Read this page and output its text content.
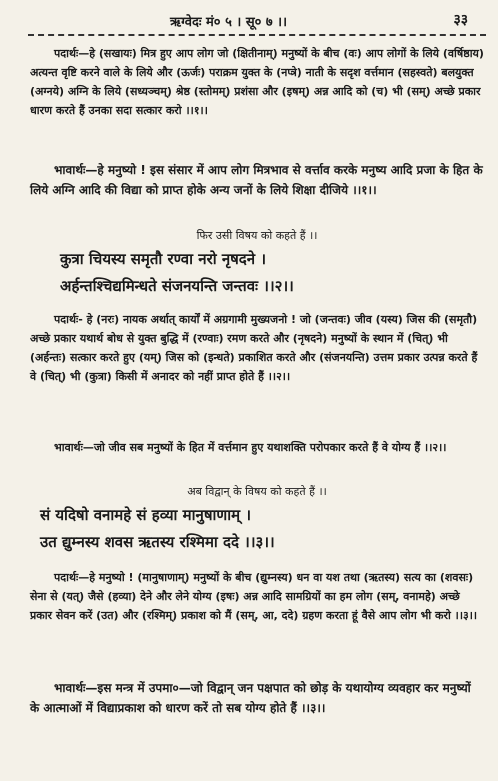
ऋग्वेदः मं० ५ । सू० ७ ।।	३३

पदार्थः—हे (सखायः) मित्र हुए आप लोग जो (क्षितीनाम्) मनुष्यों के बीच (वः) आप लोगों के लिये (वर्षिष्ठाय) अत्यन्त वृष्टि करने वाले के लिये और (ऊर्जः) पराक्रम युक्त के (नप्त्रे) नाती के सदृश वर्त्तमान (सहस्वते) बलयुक्त (अग्नये) अग्नि के लिये (सध्यञ्चम्) श्रेष्ठ (स्तोमम्) प्रशंसा और (इषम्) अन्न आदि को (च) भी (सम्) अच्छे प्रकार धारण करते हैं उनका सदा सत्कार करो ।।१।।

भावार्थः—हे मनुष्यो ! इस संसार में आप लोग मित्रभाव से वर्त्ताव करके मनुष्य आदि प्रजा के हित के लिये अग्नि आदि की विद्या को प्राप्त होके अन्य जनों के लिये शिक्षा दीजिये ।।१।।

फिर उसी विषय को कहते हैं ।।

कुत्रा चियस्य समृतौ रण्वा नरो नृषदने ।

अर्हन्तश्चिद्यमिन्धते संजनयन्ति जन्तवः ।।२।।

पदार्थः- हे (नरः) नायक अर्थात् कार्यों में अग्रगामी मुख्यजनो ! जो (जन्तवः) जीव (यस्य) जिस की (समृतौ) अच्छे प्रकार यथार्थ बोध से युक्त बुद्धि में (रण्वाः) रमण करते और (नृषदने) मनुष्यों के स्थान में (चित्) भी (अर्हन्तः) सत्कार करते हुए (यम्) जिस को (इन्धते) प्रकाशित करते और (संजनयन्ति) उत्तम प्रकार उत्पन्न करते हैं वे (चित्) भी (कुत्रा) किसी में अनादर को नहीं प्राप्त होते हैं ।।२।।

भावार्थः—जो जीव सब मनुष्यों के हित में वर्त्तमान हुए यथाशक्ति परोपकार करते हैं वे योग्य हैं ।।२।।

अब विद्वान् के विषय को कहते हैं ।।

सं यदिषो वनामहे सं हव्या मानुषाणाम् ।

उत द्युम्नस्य शवस ऋतस्य रश्मिमा ददे ।।३।।

पदार्थः—हे मनुष्यो ! (मानुषाणाम्) मनुष्यों के बीच (द्युम्नस्य) धन वा यश तथा (ऋतस्य) सत्य का (शवसः) सेना से (यत्) जैसे (हव्या) देने और लेने योग्य (इषः) अन्न आदि सामग्रियों का हम लोग (सम्, वनामहे) अच्छे प्रकार सेवन करें (उत) और (रश्मिम्) प्रकाश को मैं (सम्, आ, ददे) ग्रहण करता हूं वैसे आप लोग भी करो ।।३।।

भावार्थः—इस मन्त्र में उपमा०—जो विद्वान् जन पक्षपात को छोड़ के यथायोग्य व्यवहार कर मनुष्यों के आत्माओं में विद्याप्रकाश को धारण करें तो सब योग्य होते हैं ।।३।।
